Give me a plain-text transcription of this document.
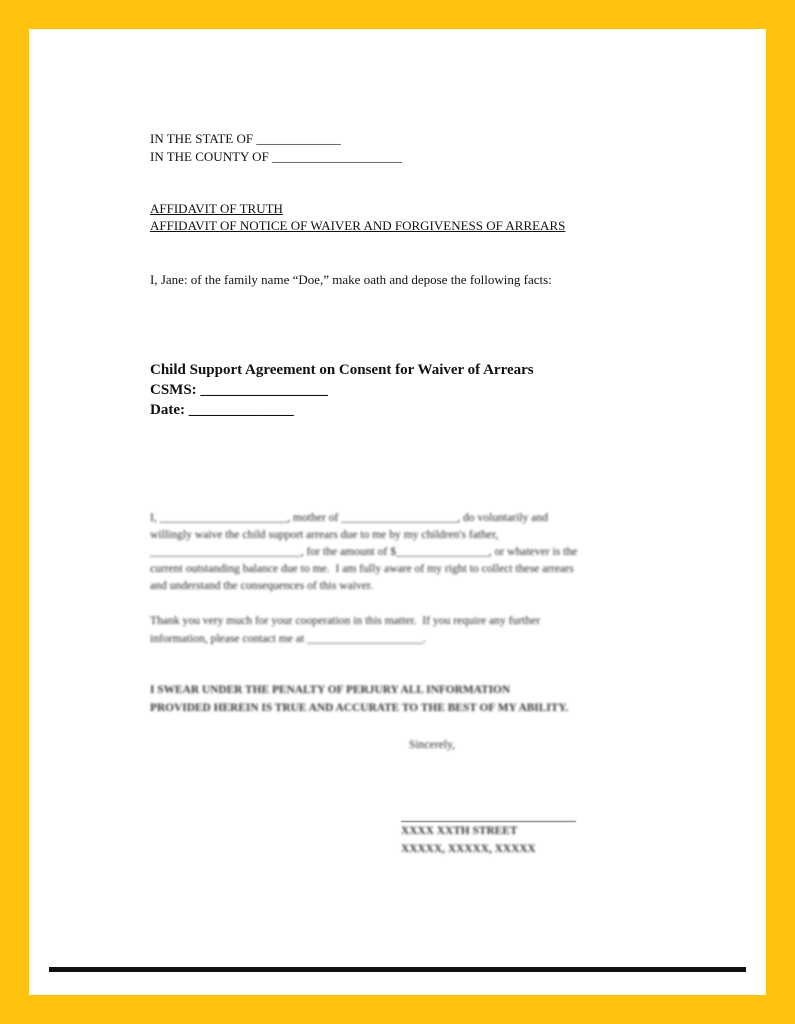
IN THE STATE OF _____________
IN THE COUNTY OF ____________________
AFFIDAVIT OF TRUTH
AFFIDAVIT OF NOTICE OF WAIVER AND FORGIVENESS OF ARREARS
I, Jane: of the family name “Doe,” make oath and depose the following facts:
Child Support Agreement on Consent for Waiver of Arrears
CSMS: _________________
Date: ______________
I, ______________________, mother of ____________________, do voluntarily and
willingly waive the child support arrears due to me by my children's father,
__________________________, for the amount of $________________, or whatever is the
current outstanding balance due to me.  I am fully aware of my right to collect these arrears
and understand the consequences of this waiver.
Thank you very much for your cooperation in this matter.  If you require any further
information, please contact me at ____________________.
I SWEAR UNDER THE PENALTY OF PERJURY ALL INFORMATION
PROVIDED HEREIN IS TRUE AND ACCURATE TO THE BEST OF MY ABILITY.
Sincerely,
XXXX XXTH STREET
XXXXX, XXXXX, XXXXX
